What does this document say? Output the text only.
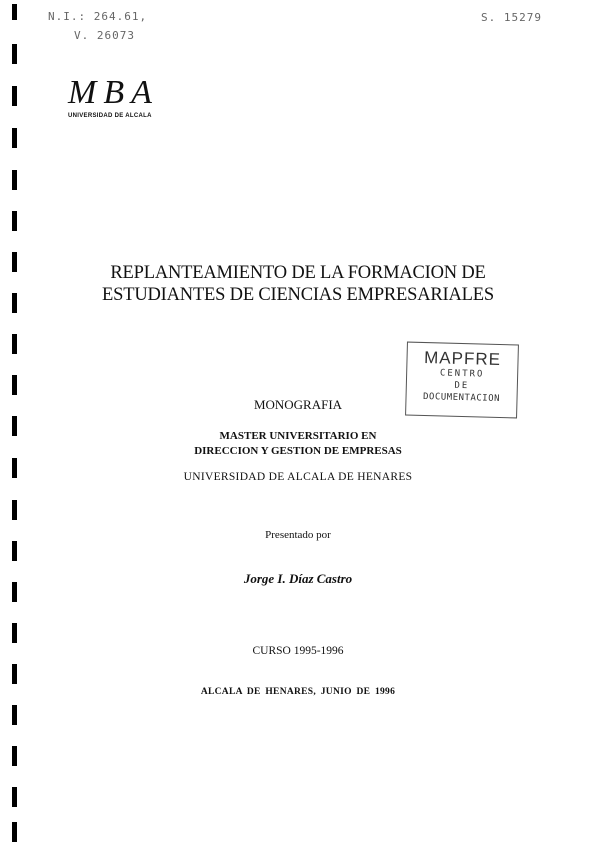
N.I.: 264.61,
V. 26073
S. 15279
MBA
UNIVERSIDAD DE ALCALA
REPLANTEAMIENTO DE LA FORMACION DE
ESTUDIANTES DE CIENCIAS EMPRESARIALES
MAPFRE
CENTRO
DE
DOCUMENTACION
MONOGRAFIA
MASTER UNIVERSITARIO EN
DIRECCION Y GESTION DE EMPRESAS
UNIVERSIDAD DE ALCALA DE HENARES
Presentado por
Jorge I. Díaz Castro
CURSO 1995-1996
ALCALA DE HENARES, JUNIO DE 1996
